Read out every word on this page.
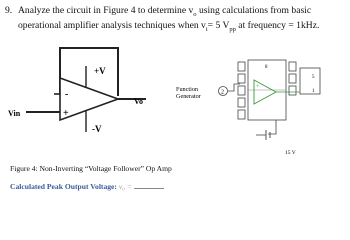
9. Analyze the circuit in Figure 4 to determine $v_o$ using calculations from basic
operational amplifier analysis techniques when $v_i= 5$ $V_{pp}$ at frequency = 1kHz.
+V
-V
Vin
Vo
+
-	Function
Generator
2
8
+
5
1
15 V
Figure 4: Non-Inverting “Voltage Follower” Op Amp
Calculated Peak Output Voltage: v₀ =
